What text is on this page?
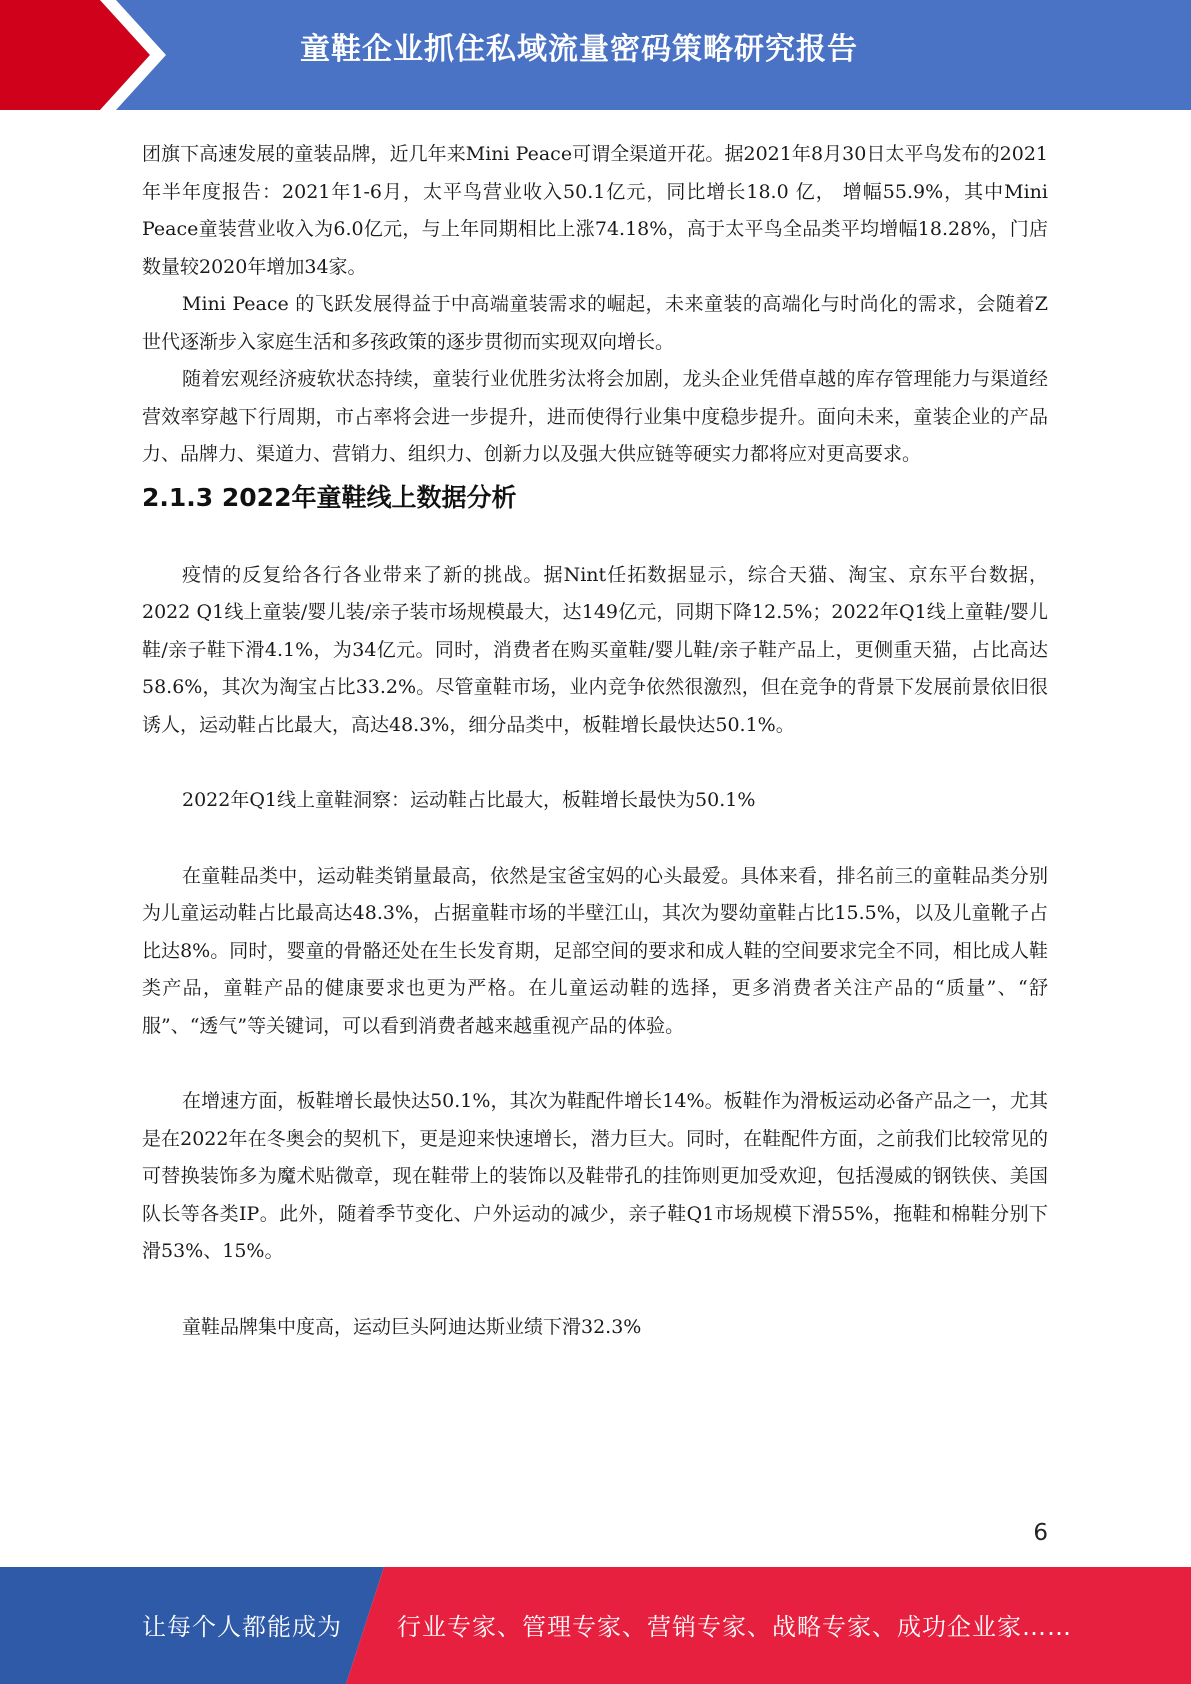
童鞋企业抓住私域流量密码策略研究报告

团旗下高速发展的童装品牌，近几年来Mini Peace可谓全渠道开花。据2021年8月30日太平鸟发布的2021年半年度报告：2021年1-6月，太平鸟营业收入50.1亿元，同比增长18.0 亿， 增幅55.9%，其中Mini Peace童装营业收入为6.0亿元，与上年同期相比上涨74.18%，高于太平鸟全品类平均增幅18.28%，门店数量较2020年增加34家。

Mini Peace 的飞跃发展得益于中高端童装需求的崛起，未来童装的高端化与时尚化的需求，会随着Z世代逐渐步入家庭生活和多孩政策的逐步贯彻而实现双向增长。

随着宏观经济疲软状态持续，童装行业优胜劣汰将会加剧，龙头企业凭借卓越的库存管理能力与渠道经营效率穿越下行周期，市占率将会进一步提升，进而使得行业集中度稳步提升。面向未来，童装企业的产品力、品牌力、渠道力、营销力、组织力、创新力以及强大供应链等硬实力都将应对更高要求。

2.1.3 2022年童鞋线上数据分析

疫情的反复给各行各业带来了新的挑战。据Nint任拓数据显示，综合天猫、淘宝、京东平台数据，2022 Q1线上童装/婴儿装/亲子装市场规模最大，达149亿元，同期下降12.5%；2022年Q1线上童鞋/婴儿鞋/亲子鞋下滑4.1%，为34亿元。同时，消费者在购买童鞋/婴儿鞋/亲子鞋产品上，更侧重天猫，占比高达58.6%，其次为淘宝占比33.2%。尽管童鞋市场，业内竞争依然很激烈，但在竞争的背景下发展前景依旧很诱人，运动鞋占比最大，高达48.3%，细分品类中，板鞋增长最快达50.1%。

2022年Q1线上童鞋洞察：运动鞋占比最大，板鞋增长最快为50.1%

在童鞋品类中，运动鞋类销量最高，依然是宝爸宝妈的心头最爱。具体来看，排名前三的童鞋品类分别为儿童运动鞋占比最高达48.3%，占据童鞋市场的半壁江山，其次为婴幼童鞋占比15.5%，以及儿童靴子占比达8%。同时，婴童的骨骼还处在生长发育期，足部空间的要求和成人鞋的空间要求完全不同，相比成人鞋类产品，童鞋产品的健康要求也更为严格。在儿童运动鞋的选择，更多消费者关注产品的“质量”、“舒服”、“透气”等关键词，可以看到消费者越来越重视产品的体验。

在增速方面，板鞋增长最快达50.1%，其次为鞋配件增长14%。板鞋作为滑板运动必备产品之一，尤其是在2022年在冬奥会的契机下，更是迎来快速增长，潜力巨大。同时，在鞋配件方面，之前我们比较常见的可替换装饰多为魔术贴微章，现在鞋带上的装饰以及鞋带孔的挂饰则更加受欢迎，包括漫威的钢铁侠、美国队长等各类IP。此外，随着季节变化、户外运动的减少，亲子鞋Q1市场规模下滑55%，拖鞋和棉鞋分别下滑53%、15%。

童鞋品牌集中度高，运动巨头阿迪达斯业绩下滑32.3%

6
让每个人都能成为 行业专家、管理专家、营销专家、战略专家、成功企业家……
